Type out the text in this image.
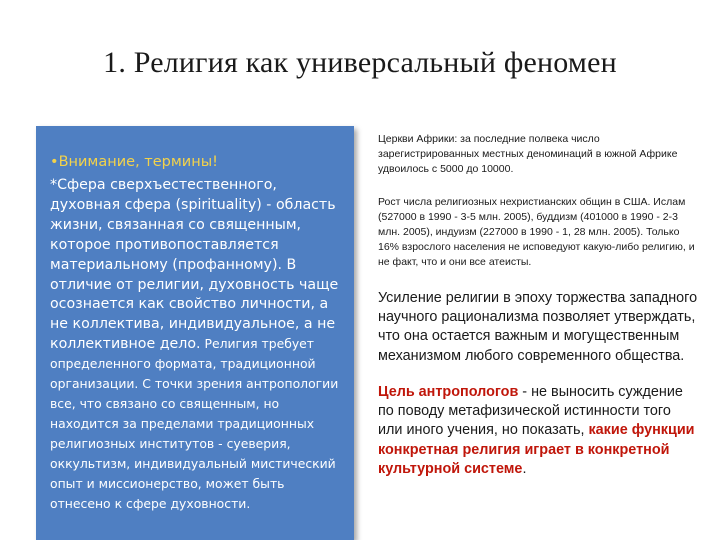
1. Религия как универсальный феномен
•Внимание, термины!
*Сфера сверхъестественного, духовная сфера (spirituality) - область жизни, связанная со священным, которое противопоставляется материальному (профанному). В отличие от религии, духовность чаще осознается как свойство личности, а не коллектива, индивидуальное, а не коллективное дело. Религия требует определенного формата, традиционной организации. С точки зрения антропологии все, что связано со священным, но находится за пределами традиционных религиозных институтов - суеверия, оккультизм, индивидуальный мистический опыт и миссионерство, может быть отнесено к сфере духовности.

Церкви Африки: за последние полвека число зарегистрированных местных деноминаций в южной Африке удвоилось с 5000 до 10000.

Рост числа религиозных нехристианских общин в США. Ислам (527000 в 1990 - 3-5 млн. 2005), буддизм (401000 в 1990 - 2-3 млн. 2005), индуизм (227000 в 1990 - 1, 28 млн. 2005). Только 16% взрослого населения не исповедуют какую-либо религию, и не факт, что и они все атеисты.

Усиление религии в эпоху торжества западного научного рационализма позволяет утверждать, что она остается важным и могущественным механизмом любого современного общества.

Цель антропологов - не выносить суждение по поводу метафизической истинности того или иного учения, но показать, какие функции конкретная религия играет в конкретной культурной системе.
